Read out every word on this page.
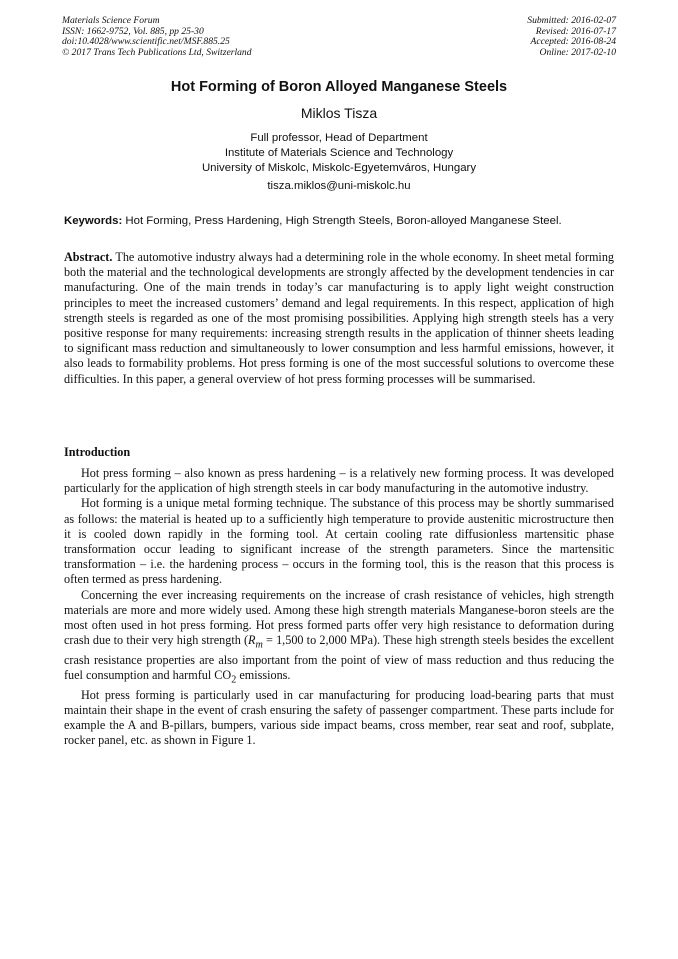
Materials Science Forum
ISSN: 1662-9752, Vol. 885, pp 25-30
doi:10.4028/www.scientific.net/MSF.885.25
© 2017 Trans Tech Publications Ltd, Switzerland
Submitted: 2016-02-07
Revised: 2016-07-17
Accepted: 2016-08-24
Online: 2017-02-10
Hot Forming of Boron Alloyed Manganese Steels
Miklos Tisza
Full professor, Head of Department
Institute of Materials Science and Technology
University of Miskolc, Miskolc-Egyetemváros, Hungary
tisza.miklos@uni-miskolc.hu
Keywords: Hot Forming, Press Hardening, High Strength Steels, Boron-alloyed Manganese Steel.

Abstract. The automotive industry always had a determining role in the whole economy. In sheet metal forming both the material and the technological developments are strongly affected by the development tendencies in car manufacturing. One of the main trends in today’s car manufacturing is to apply light weight construction principles to meet the increased customers’ demand and legal requirements. In this respect, application of high strength steels is regarded as one of the most promising possibilities. Applying high strength steels has a very positive response for many requirements: increasing strength results in the application of thinner sheets leading to significant mass reduction and simultaneously to lower consumption and less harmful emissions, however, it also leads to formability problems. Hot press forming is one of the most successful solutions to overcome these difficulties. In this paper, a general overview of hot press forming processes will be summarised.

Introduction

Hot press forming – also known as press hardening – is a relatively new forming process. It was developed particularly for the application of high strength steels in car body manufacturing in the automotive industry.

Hot forming is a unique metal forming technique. The substance of this process may be shortly summarised as follows: the material is heated up to a sufficiently high temperature to provide austenitic microstructure then it is cooled down rapidly in the forming tool. At certain cooling rate diffusionless martensitic phase transformation occur leading to significant increase of the strength parameters. Since the martensitic transformation – i.e. the hardening process – occurs in the forming tool, this is the reason that this process is often termed as press hardening.

Concerning the ever increasing requirements on the increase of crash resistance of vehicles, high strength materials are more and more widely used. Among these high strength materials Manganese-boron steels are the most often used in hot press forming. Hot press formed parts offer very high resistance to deformation during crash due to their very high strength ($R_m = 1,500$ to 2,000 MPa). These high strength steels besides the excellent crash resistance properties are also important from the point of view of mass reduction and thus reducing the fuel consumption and harmful $CO_2$ emissions.

Hot press forming is particularly used in car manufacturing for producing load-bearing parts that must maintain their shape in the event of crash ensuring the safety of passenger compartment. These parts include for example the A and B-pillars, bumpers, various side impact beams, cross member, rear seat and roof, subplate, rocker panel, etc. as shown in Figure 1.
